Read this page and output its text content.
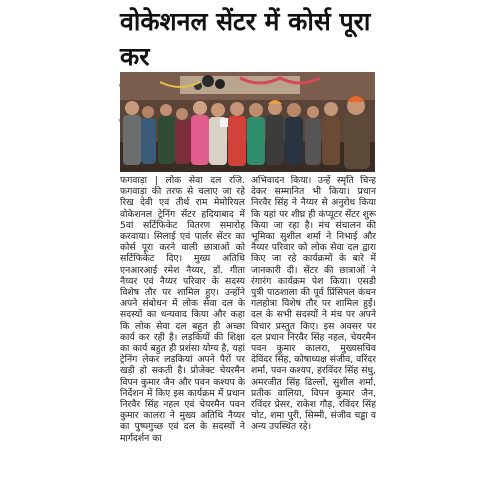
वोकेशनल सेंटर में कोर्स पूरा कर

फगवाड़ा | लोक सेवा दल रजि. फगवाड़ा की तरफ से चलाए जा रहे रिख देवी एवं तीर्थ राम मेमोरियल वोकेशनल ट्रेनिंग सेंटर हदियाबाद में 5वां सर्टिफिकेट वितरण समारोह करवाया। सिलाई एवं पार्लर सेंटर का कोर्स पूरा करने वाली छात्राओं को सर्टिफिकेट दिए। मुख्य अतिथि एनआरआई रमेश नैय्यर, डॉ. गीता नैय्यर एवं नैय्यर परिवार के सदस्य विशेष तौर पर शामिल हुए। उन्होंने अपने संबोधन में लोक सेवा दल के सदस्यों का धन्यवाद किया और कहा कि लोक सेवा दल बहुत ही अच्छा कार्य कर रही है। लड़कियों की शिक्षा का कार्य बहुत ही प्रशंसा योग्य है, यहां ट्रेनिंग लेकर लड़कियां अपने पैरों पर खड़ी हो सकती है। प्रोजेक्ट चेयरमैन विपन कुमार जैन और पवन कश्यप के निर्देशन में किए इस कार्यक्रम में प्रधान निरवैर सिंह नहल एवं चेयरमैन पवन कुमार कालरा ने मुख्य अतिथि नैय्यर का पुष्पगुच्छ एवं दल के सदस्यों ने मार्गदर्शन का

अभिवादन किया। उन्हें स्मृति चिन्ह देकर सम्मानित भी किया। प्रधान निरवैर सिंह ने नैय्यर से अनुरोध किया कि यहां पर शीघ्र ही कंप्यूटर सेंटर शुरू किया जा रहा है। मंच संचालन की भूमिका सुशील शर्मा ने निभाई और नैय्यर परिवार को लोक सेवा दल द्वारा किए जा रहे कार्यक्रमों के बारे में जानकारी दी। सेंटर की छात्राओं ने रंगारंग कार्यक्रम पेश किया। एसडी पुत्री पाठशाला की पूर्व प्रिंसिपल कंचन गलहोत्रा विशेष तौर पर शामिल हुईं। दल के सभी सदस्यों ने मंच पर अपने विचार प्रस्तुत किए। इस अवसर पर दल प्रधान निरवैर सिंह नहल, चेयरमैन पवन कुमार कालरा, मुख्यसचिव देविंदर सिंह, कोषाध्यक्ष संजीव, वरिंदर शर्मा, पवन कश्यप, हरविंदर सिंह संधु, अमरजीत सिंह ढिल्लों, सुशील शर्मा, प्रतीक वालिया, विपन कुमार जैन, रविंदर प्रेसर, राकेश गौड़, रविंदर सिंह चोट, शमा पुरी, सिम्मी, संजीव चड्ढा व अन्य उपस्थित रहे।
